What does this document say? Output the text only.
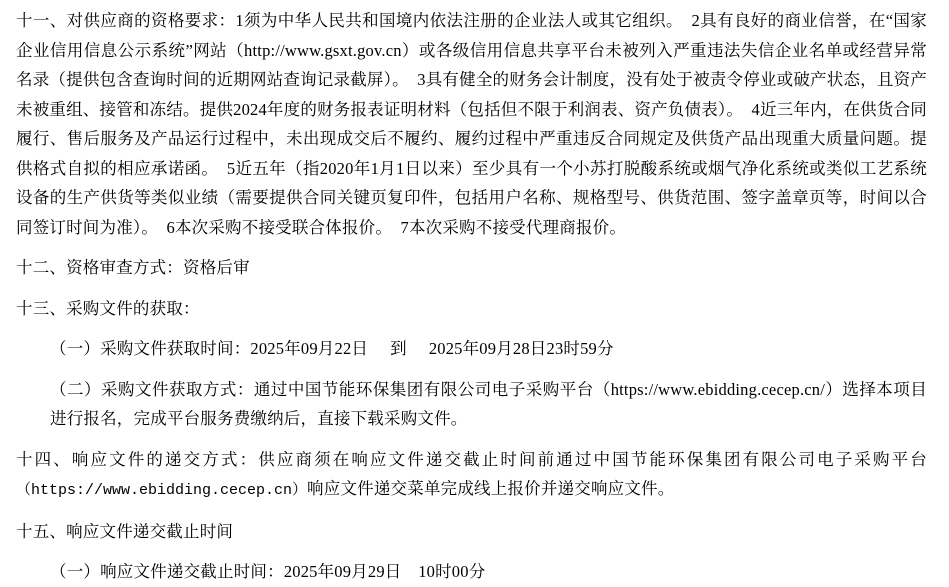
十一、对供应商的资格要求：1须为中华人民共和国境内依法注册的企业法人或其它组织。　2具有良好的商业信誉，在“国家企业信用信息公示系统”网站（http://www.gsxt.gov.cn）或各级信用信息共享平台未被列入严重违法失信企业名单或经营异常名录（提供包含查询时间的近期网站查询记录截屏）。　3具有健全的财务会计制度，没有处于被责令停业或破产状态，且资产未被重组、接管和冻结。提供2024年度的财务报表证明材料（包括但不限于利润表、资产负债表）。　4近三年内，在供货合同履行、售后服务及产品运行过程中，未出现成交后不履约、履约过程中严重违反合同规定及供货产品出现重大质量问题。提供格式自拟的相应承诺函。　5近五年（指2020年1月1日以来）至少具有一个小苏打脱酸系统或烟气净化系统或类似工艺系统设备的生产供货等类似业绩（需要提供合同关键页复印件，包括用户名称、规格型号、供货范围、签字盖章页等，时间以合同签订时间为准）。　6本次采购不接受联合体报价。　7本次采购不接受代理商报价。

十二、资格审查方式：资格后审

十三、采购文件的获取：

（一）采购文件获取时间：2025年09月22日 到 2025年09月28日23时59分

（二）采购文件获取方式：通过中国节能环保集团有限公司电子采购平台（https://www.ebidding.cecep.cn/）选择本项目进行报名，完成平台服务费缴纳后，直接下载采购文件。

十四、响应文件的递交方式：供应商须在响应文件递交截止时间前通过中国节能环保集团有限公司电子采购平台（https://www.ebidding.cecep.cn）响应文件递交菜单完成线上报价并递交响应文件。

十五、响应文件递交截止时间

（一）响应文件递交截止时间：2025年09月29日　10时00分
